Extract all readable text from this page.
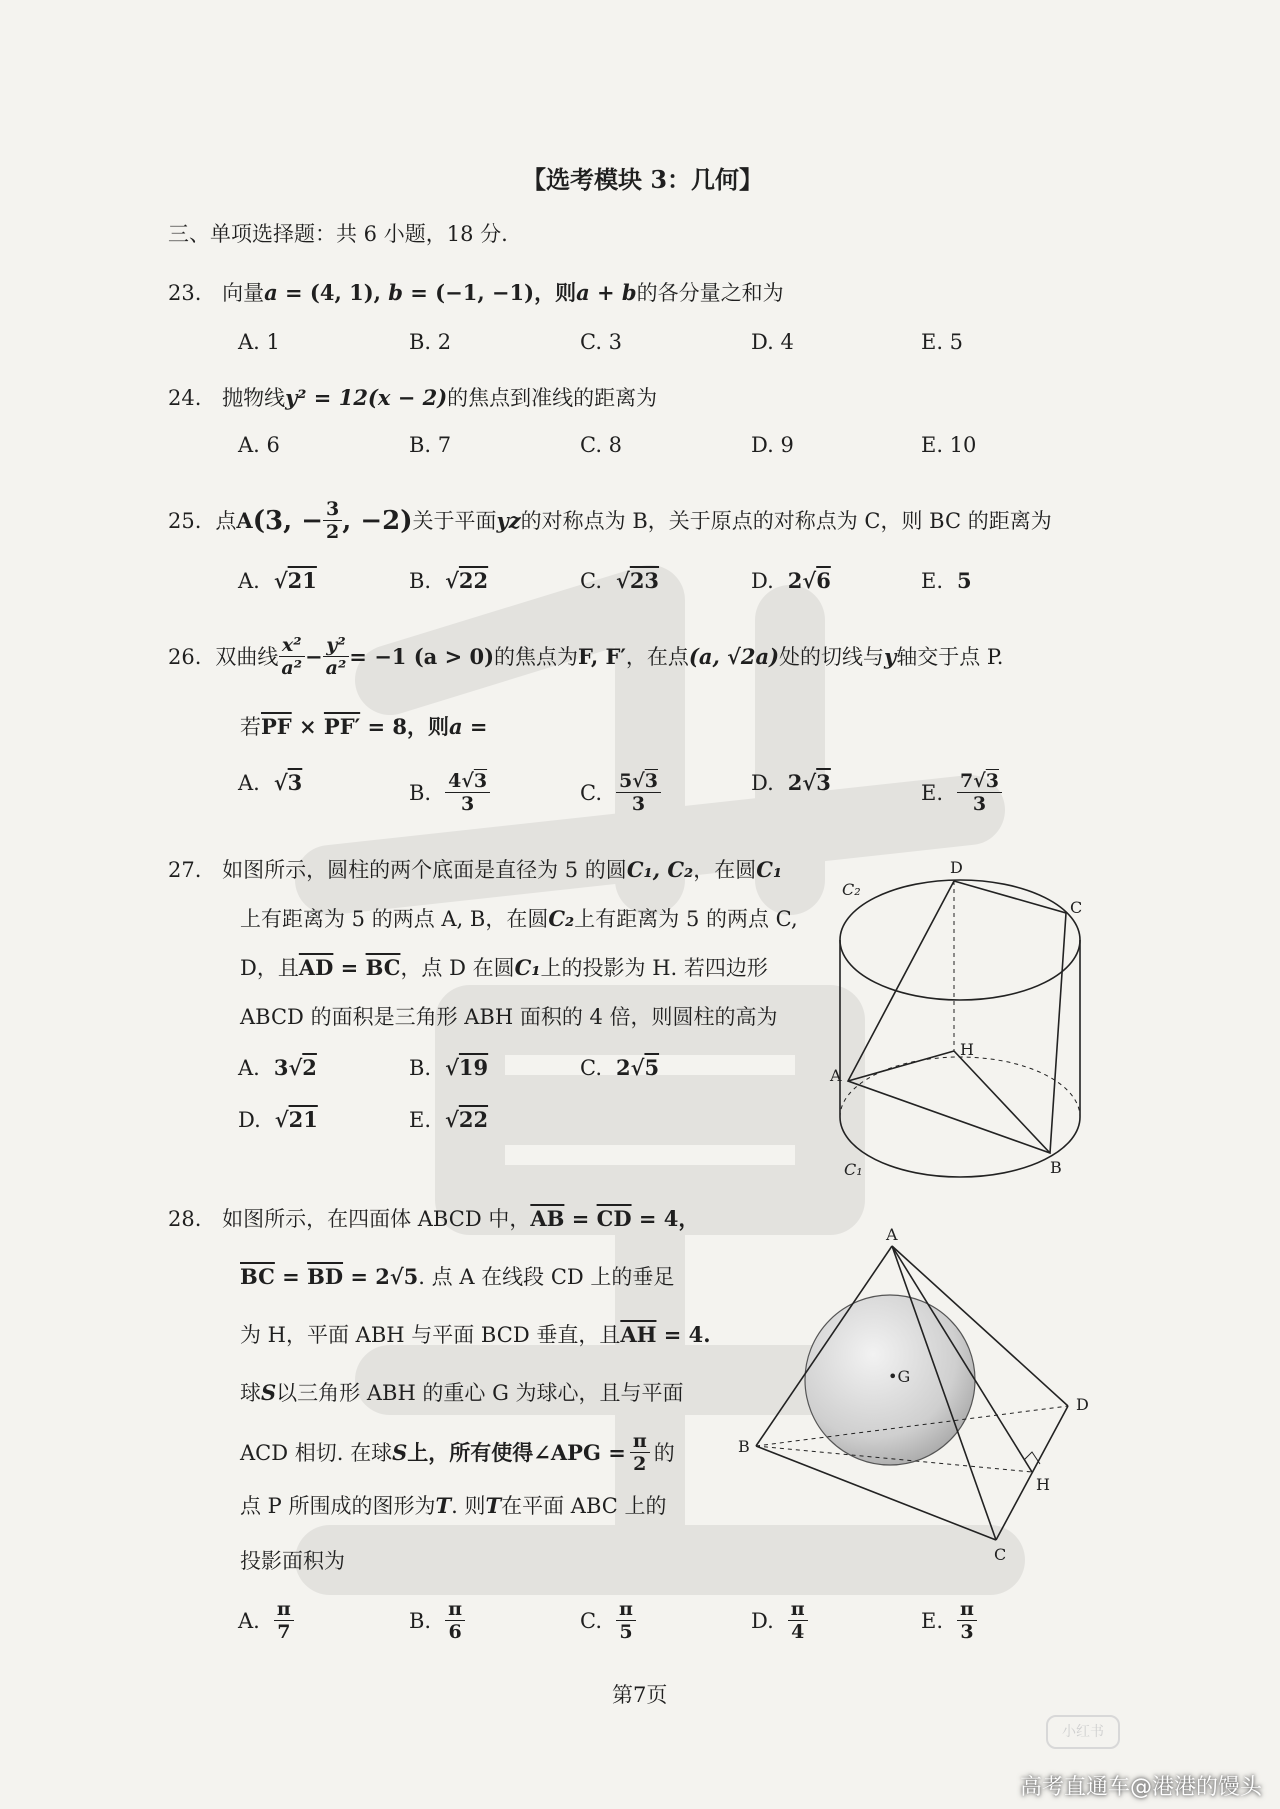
【选考模块 3：几何】
三、单项选择题：共 6 小题，18 分.
23. 向量a = (4, 1), b = (−1, −1)，则a + b的各分量之和为
A. 1	B. 2	C. 3	D. 4	E. 5
24. 抛物线y² = 12(x − 2)的焦点到准线的距离为
A. 6	B. 7	C. 8	D. 9	E. 10
25. 点 A (3, − $\frac{3}{2}$ , −2) 关于平面 yz 的对称点为 B，关于原点的对称点为 C，则 BC 的距离为
A. √21	B. √22	C. √23	D. 2√6	E. 5
26. 双曲线 $\frac{\text{x²}}{\text{a²}} - \frac{\text{y²}}{\text{a²}} = -1$ (a > 0) 的焦点为 F, F′ ，在点 (a, √2a) 处的切线与 y 轴交于点 P.
若$\overline{PF} \times PF' = 8$，则a =
A. √3	B. $\frac{4√3}{3}$	C. $\frac{5√3}{3}$	D. 2√3	E. $\frac{7√3}{3}$
27. 如图所示，圆柱的两个底面是直径为 5 的圆C₁, C₂，在圆C₁
上有距离为 5 的两点 A, B，在圆C₂上有距离为 5 的两点 C,
D，且$\overline{AD} = \overline{BC}$，点 D 在圆C₁上的投影为 H. 若四边形
ABCD 的面积是三角形 ABH 面积的 4 倍，则圆柱的高为
A. 3√2	B. √19	C. 2√5
D. √21	E. √22
D
C
C₂
H
A
B
C₁
28. 如图所示，在四面体 ABCD 中，$\overline{AB} = \overline{CD} = 4$，
$\overline{BC} = \overline{BD} = 2√5$. 点 A 在线段 CD 上的垂足
为 H，平面 ABH 与平面 BCD 垂直，且$\overline{AH} = 4$.
球S以三角形 ABH 的重心 G 为球心，且与平面
ACD 相切. 在球 S 上，所有使得∠APG = $\frac{\pi}{2}$ 的
点 P 所围成的图形为T. 则T在平面 ABC 上的
投影面积为
A. $\frac{\pi}{7}$	B. $\frac{\pi}{6}$	C. $\frac{\pi}{5}$	D. $\frac{\pi}{4}$	E. $\frac{\pi}{3}$
A
•G
D
B
H
C
第7页
小红书
高考直通车@港港的馒头
